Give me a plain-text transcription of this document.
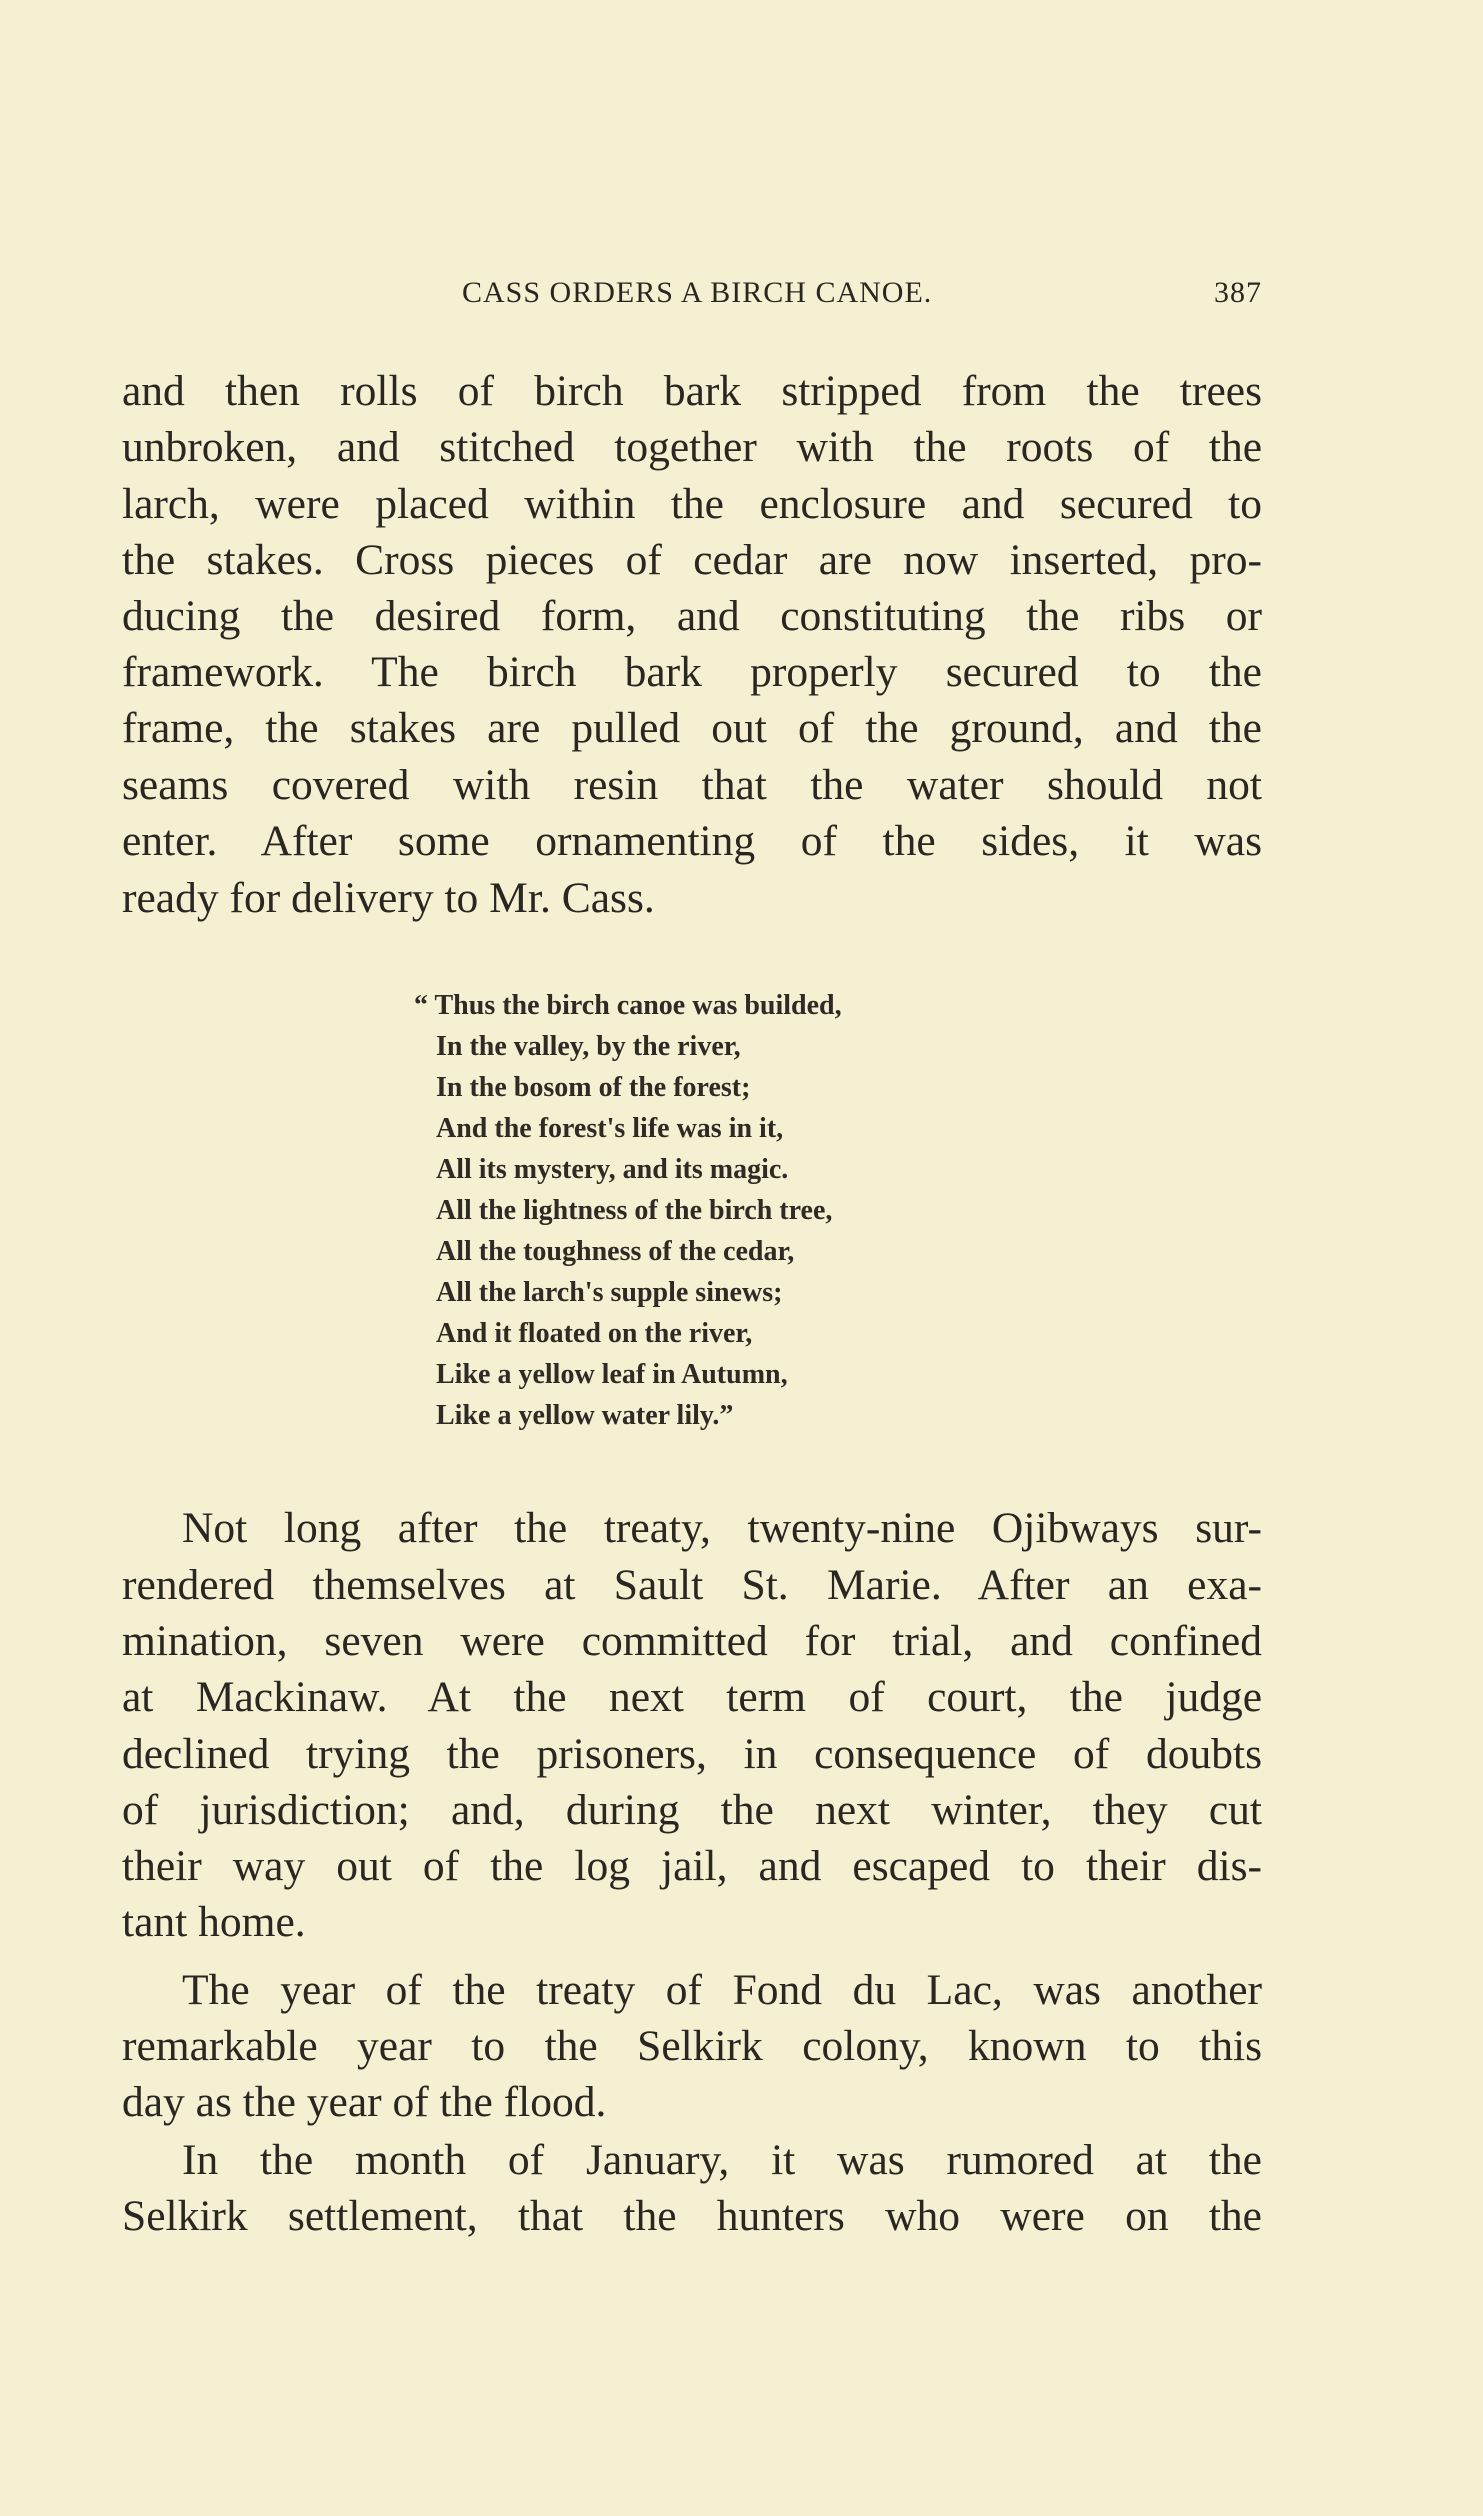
CASS ORDERS A BIRCH CANOE.	387
and then rolls of birch bark stripped from the trees
unbroken, and stitched together with the roots of the
larch, were placed within the enclosure and secured to
the stakes. Cross pieces of cedar are now inserted, pro-
ducing the desired form, and constituting the ribs or
framework. The birch bark properly secured to the
frame, the stakes are pulled out of the ground, and the
seams covered with resin that the water should not
enter. After some ornamenting of the sides, it was
ready for delivery to Mr. Cass.
“ Thus the birch canoe was builded,
In the valley, by the river,
In the bosom of the forest;
And the forest's life was in it,
All its mystery, and its magic.
All the lightness of the birch tree,
All the toughness of the cedar,
All the larch's supple sinews;
And it floated on the river,
Like a yellow leaf in Autumn,
Like a yellow water lily.”
Not long after the treaty, twenty-nine Ojibways sur-
rendered themselves at Sault St. Marie. After an exa-
mination, seven were committed for trial, and confined
at Mackinaw. At the next term of court, the judge
declined trying the prisoners, in consequence of doubts
of jurisdiction; and, during the next winter, they cut
their way out of the log jail, and escaped to their dis-
tant home.
The year of the treaty of Fond du Lac, was another
remarkable year to the Selkirk colony, known to this
day as the year of the flood.
In the month of January, it was rumored at the
Selkirk settlement, that the hunters who were on the
